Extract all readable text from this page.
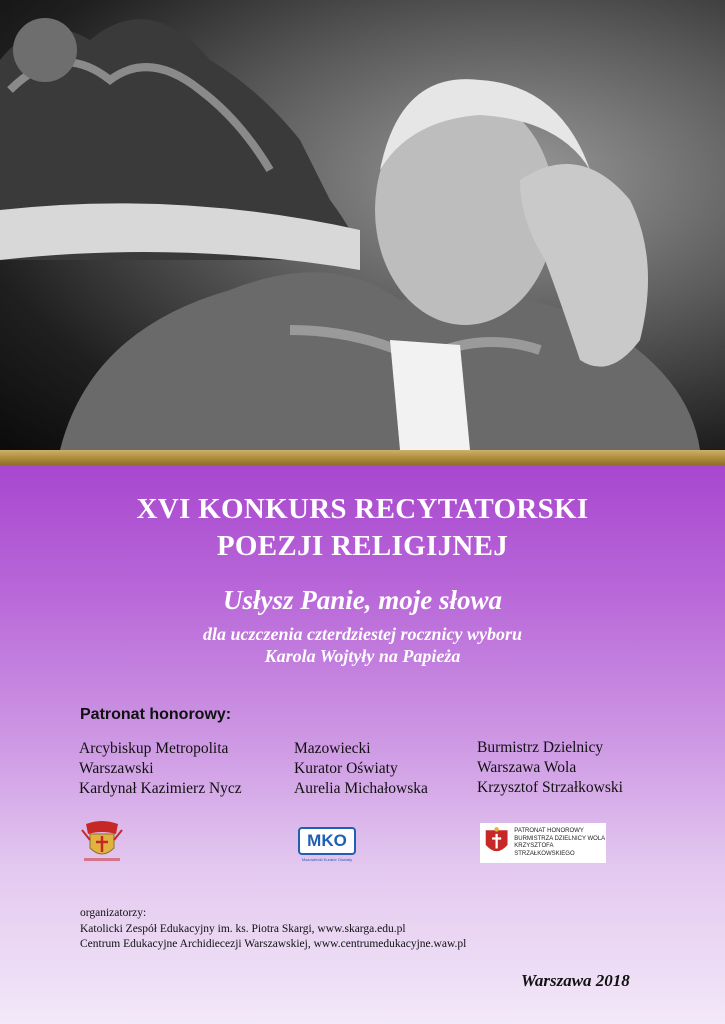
XVI KONKURS RECYTATORSKI
POEZJI RELIGIJNEJ
Usłysz Panie, moje słowa
dla uczczenia czterdziestej rocznicy wyboru
Karola Wojtyły na Papieża
Patronat honorowy:
Arcybiskup Metropolita
Warszawski
Kardynał Kazimierz Nycz
Mazowiecki
Kurator Oświaty
Aurelia Michałowska
Burmistrz Dzielnicy
Warszawa Wola
Krzysztof Strzałkowski
MKO
Mazowiecki Kurator Oświaty
PATRONAT HONOROWY
BURMISTRZA DZIELNICY WOLA
KRZYSZTOFA STRZAŁKOWSKIEGO
organizatorzy:
Katolicki Zespół Edukacyjny im. ks. Piotra Skargi, www.skarga.edu.pl
Centrum Edukacyjne Archidiecezji Warszawskiej, www.centrumedukacyjne.waw.pl
Warszawa 2018
